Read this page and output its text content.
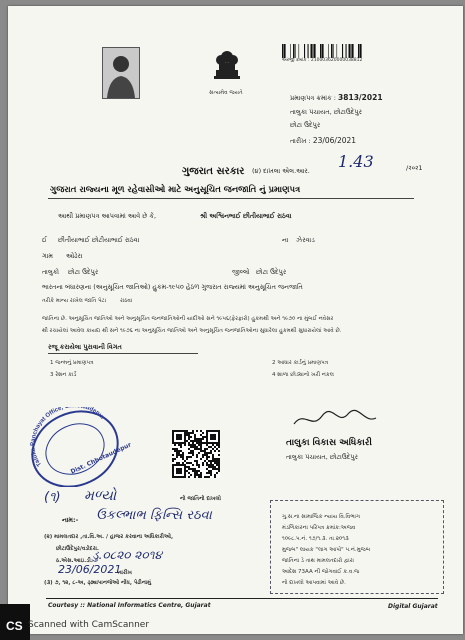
સત્યમેવ જયતે
અરજી ક્રમાંક : 210003620000038812
પ્રમાણપત્ર ક્રમાંક : 3813/2021
તાલુકા પંચાયત, છોટાઉદેપુર
છોટા ઉદેપુર
તારીખ : 23/06/2021
ગુજરાત સરકાર (૪) દાખલા એલ.આર. 1.43	/२०२1
ગુજરાત રાજ્યના મૂળ રહેવાસીઓ માટે અનુસૂચિત જનજાતિ નું પ્રમાણપત્ર
આથી પ્રમાણપત્ર આપવામાં આવે છે કે,	શ્રી અશ્વિનભાઈ છીતીયાભાઈ રાઠવા
ઈ છીતીયાભાઈ છોટીયાભાઈ રાઠવા	ના ઝેરવાડ
ગામ ઓઢેરા
તાલુકો છોટા ઉદેપુર	જીલ્લો છોટા ઉદેપુર
ભારતના બંધારણના (અનુસૂચિત જાતિઓ) હુકમ-૧૯૫૦ હેઠળ ગુજરાત રાજ્યમાં અનુસૂચિત જનજાતિ
તરીકે માન્ય રાખેલ જાતિ પેટા	રાઠવા
જાતિના છે. અનુસૂચિત જાતિઓ અને અનુસૂચિત જનજાતિઓની યાદીઓ સને ૧૯૫૬(ફેરફારો) હુકમથી અને ૧૯૭૦ ના મુંબઈ નવેસર
થી રચાયેલાં આવેલ કાયદા થી સને ૧૯૭૬ ના અનુસૂચિત જાતિઓ અને અનુસૂચિત જનજાતિઓના સુધારેલા હુકમથી સુધારાયેલાં આવે છે.
રજૂ કરાયેલા પુરાવાની વિગત
1 જન્મનું પ્રમાણપત્ર	2 આધાર કાર્ડનું પ્રમાણપત્ર
3 રેશન કાર્ડ	4 શાળા છોડ્યાનો ખરી નકલ
Taluka Panchayat Office, Chhotaudepur
Dist. Chhotaudepur	તાલુકા વિકાસ અધિકારી
તાલુકા પંચાયત, છોટાઉદેપુર
(૧) મળ્યો	નો જાતિનો દાખલો
નામ:- ઉકલ્ભાભ ફિન્સિ રઠવા
(૨) મામલતદાર ,તા.વિ.અ. / હાજર કરવાના અધિકારીઓ,
છોટાઉદેપુર/વડોદરા.
ઠ.એસ.આઇ.ડી. ડુ.૦૮૨૦ ૨૦૧૪
23/06/2021
તારીખ
(૩) ૭, ૧૨, ૮-અ, ઢ્ઢ્યાપાનજેઓ નોંધ, પેઢીનામું
ગુ.સ.ના સામાજિક ન્યાય વિ.વિભાગ
મંડળિકારના પરિપત્ર ક્રમાંક:અજવ
૧૦૯૮.૫.નં. ૧૭/૧.૩. તા.૨૦૧૩
મુજબ" લાયક "લાગ આપો" ૫.નં.મુજબ
જાતિના ડે તાથ મામલતદારો દ્વારા
આદેશ 73AA ની જોગવાઈ ક.વ.જ
નો દાખલો આપવામાં આવે છે.
Courtesy :: National Informatics Centre, Gujarat	Digital Gujarat
CS Scanned with CamScanner
